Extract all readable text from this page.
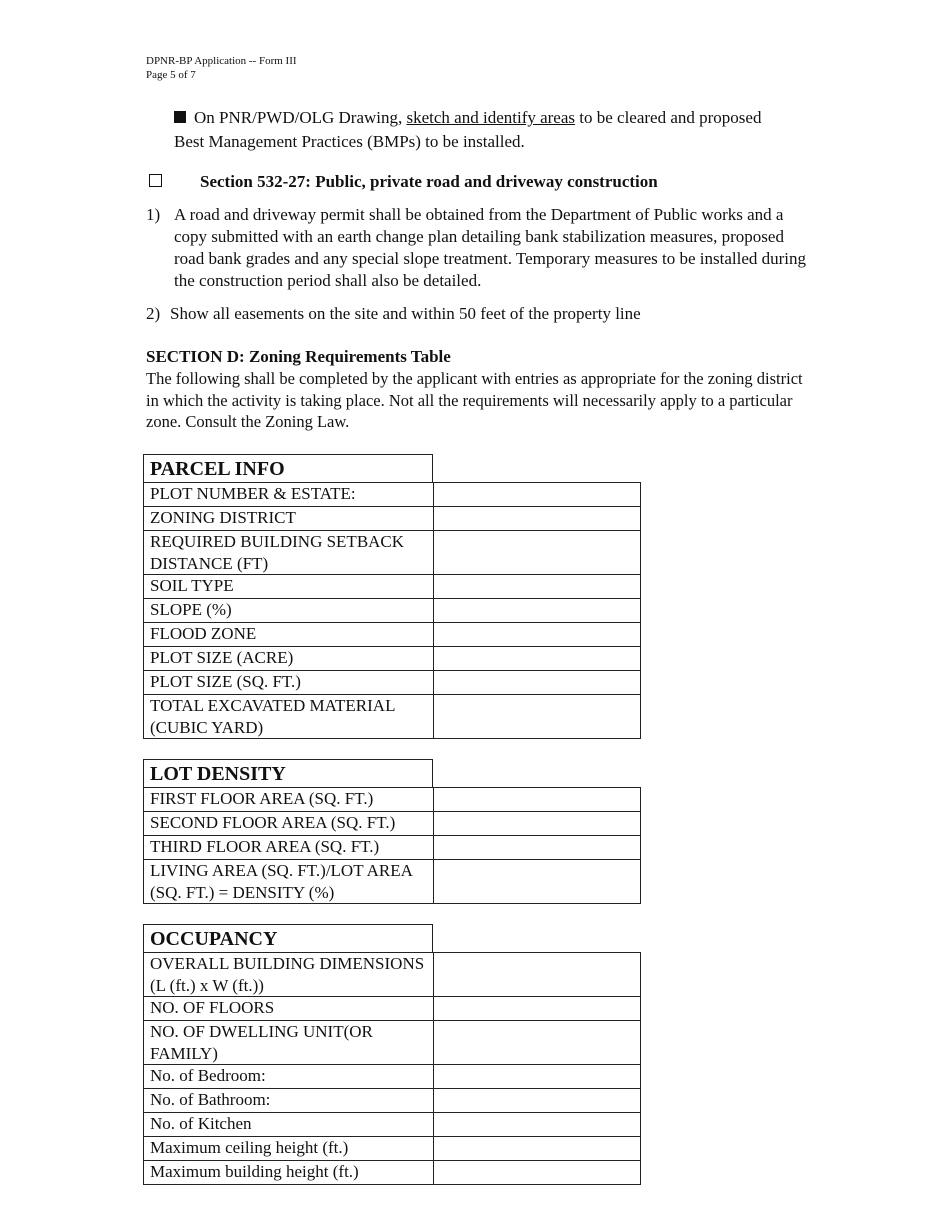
DPNR-BP Application -- Form III
Page 5 of 7
On PNR/PWD/OLG Drawing, sketch and identify areas to be cleared and proposed Best Management Practices (BMPs) to be installed.
Section 532-27: Public, private road and driveway construction
1) A road and driveway permit shall be obtained from the Department of Public works and a copy submitted with an earth change plan detailing bank stabilization measures, proposed road bank grades and any special slope treatment. Temporary measures to be installed during the construction period shall also be detailed.
2) Show all easements on the site and within 50 feet of the property line
SECTION D: Zoning Requirements Table
The following shall be completed by the applicant with entries as appropriate for the zoning district in which the activity is taking place. Not all the requirements will necessarily apply to a particular zone. Consult the Zoning Law.
PARCEL INFO
PLOT NUMBER & ESTATE:
ZONING DISTRICT
REQUIRED BUILDING SETBACK DISTANCE (FT)
SOIL TYPE
SLOPE (%)
FLOOD ZONE
PLOT SIZE (ACRE)
PLOT SIZE (SQ. FT.)
TOTAL EXCAVATED MATERIAL (CUBIC YARD)
LOT DENSITY
FIRST FLOOR AREA (SQ. FT.)
SECOND FLOOR AREA (SQ. FT.)
THIRD FLOOR AREA (SQ. FT.)
LIVING AREA (SQ. FT.)/LOT AREA (SQ. FT.) = DENSITY (%)
OCCUPANCY
OVERALL BUILDING DIMENSIONS (L (ft.) x W (ft.))
NO. OF FLOORS
NO. OF DWELLING UNIT(OR FAMILY)
No. of Bedroom:
No. of Bathroom:
No. of Kitchen
Maximum ceiling height (ft.)
Maximum building height (ft.)
